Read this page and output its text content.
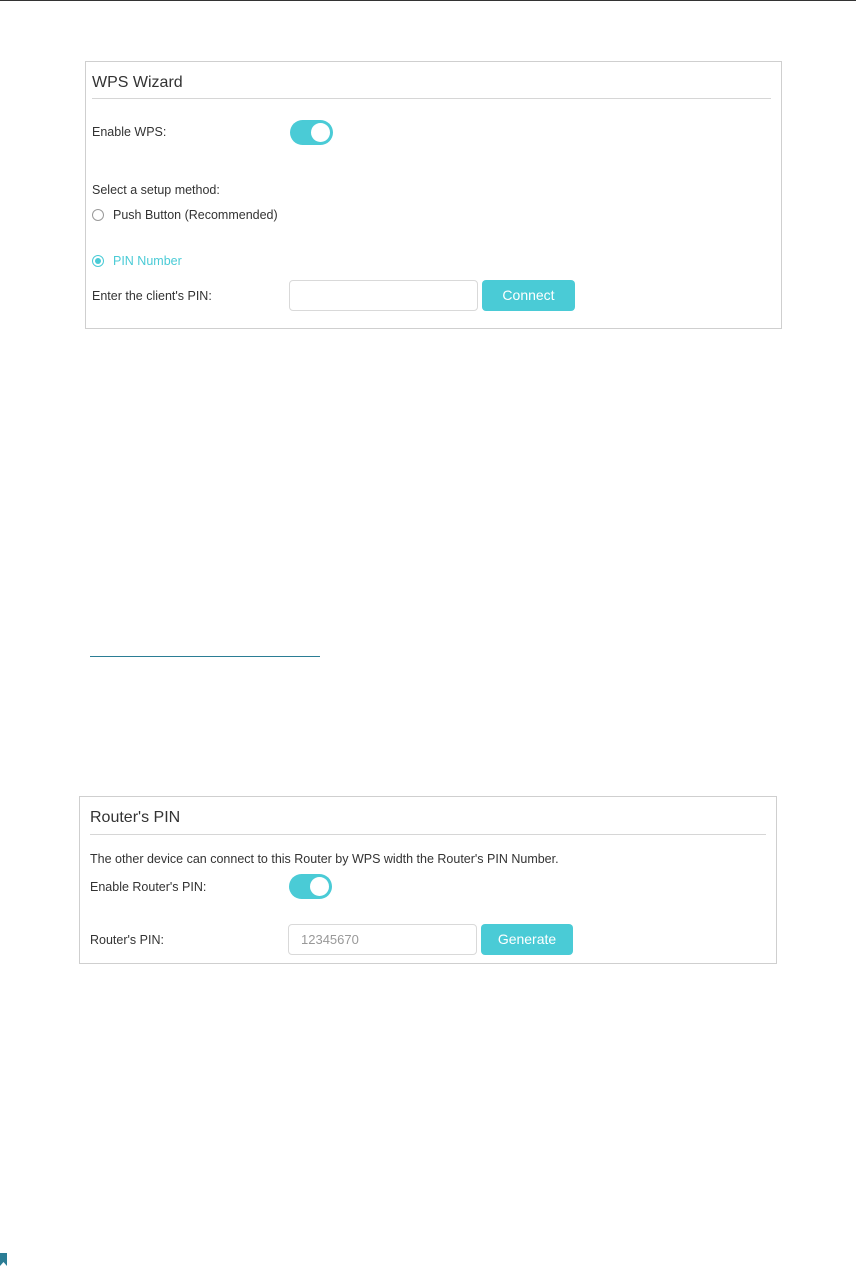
WPS Wizard
Enable WPS:
Select a setup method:
Push Button (Recommended)
PIN Number
Enter the client's PIN:	Connect
Router's PIN
The other device can connect to this Router by WPS width the Router's PIN Number.
Enable Router's PIN:
Router's PIN:
12345670	Generate
